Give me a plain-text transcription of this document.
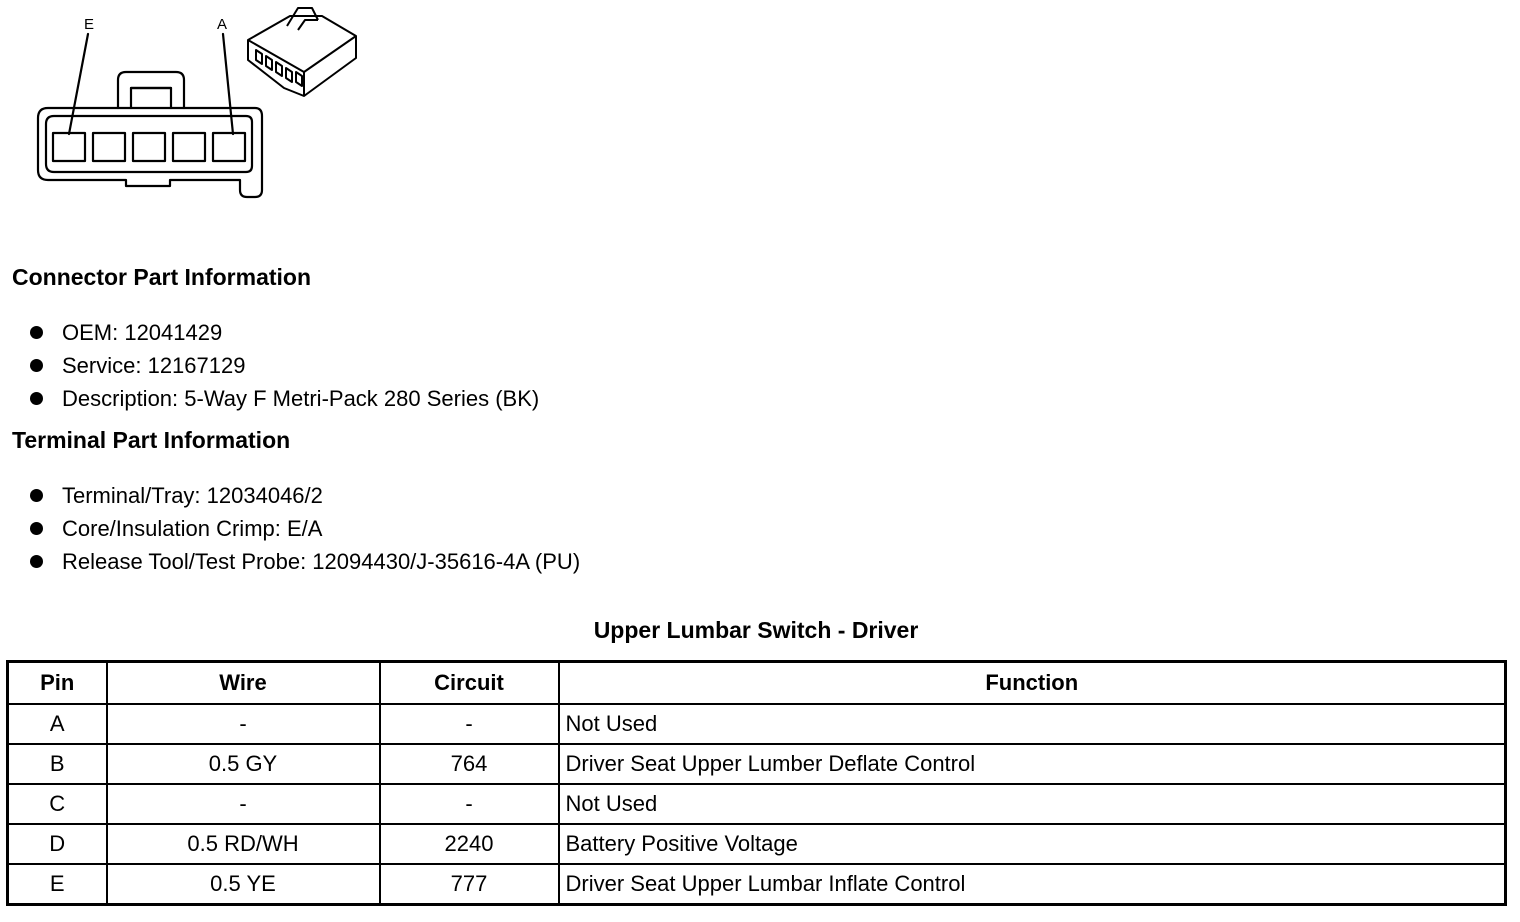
E	A
Connector Part Information
OEM: 12041429
Service: 12167129
Description: 5-Way F Metri-Pack 280 Series (BK)
Terminal Part Information
Terminal/Tray: 12034046/2
Core/Insulation Crimp: E/A
Release Tool/Test Probe: 12094430/J-35616-4A (PU)
Upper Lumbar Switch - Driver
Pin	Wire	Circuit	Function
A	-	-	Not Used
B	0.5 GY	764	Driver Seat Upper Lumber Deflate Control
C	-	-	Not Used
D	0.5 RD/WH	2240	Battery Positive Voltage
E	0.5 YE	777	Driver Seat Upper Lumbar Inflate Control
